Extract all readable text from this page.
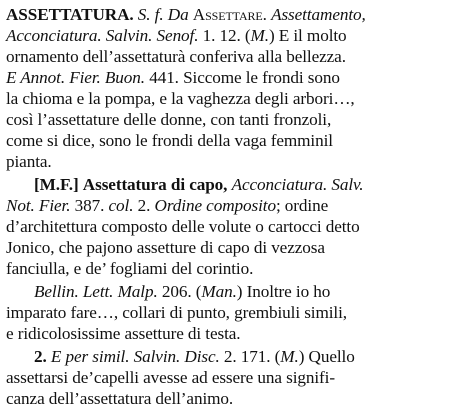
ASSETTATURA. S. f. Da Assettare. Assettamento,
Acconciatura. Salvin. Senof. 1. 12. (M.) E il molto
ornamento dell’assettaturà conferiva alla bellezza.
E Annot. Fier. Buon. 441. Siccome le frondi sono
la chioma e la pompa, e la vaghezza degli arbori…,
così l’assettature delle donne, con tanti fronzoli,
come si dice, sono le frondi della vaga femminil
pianta.
[M.F.] Assettatura di capo, Acconciatura. Salv.
Not. Fier. 387. col. 2. Ordine composito; ordine
d’architettura composto delle volute o cartocci detto
Jonico, che pajono assetture di capo di vezzosa
fanciulla, e de’ fogliami del corintio.
Bellin. Lett. Malp. 206. (Man.) Inoltre io ho
imparato fare…, collari di punto, grembiuli simili,
e ridicolosissime assetture di testa.
2. E per simil. Salvin. Disc. 2. 171. (M.) Quello
assettarsi de’capelli avesse ad essere una signifi-
canza dell’assettatura dell’animo.
